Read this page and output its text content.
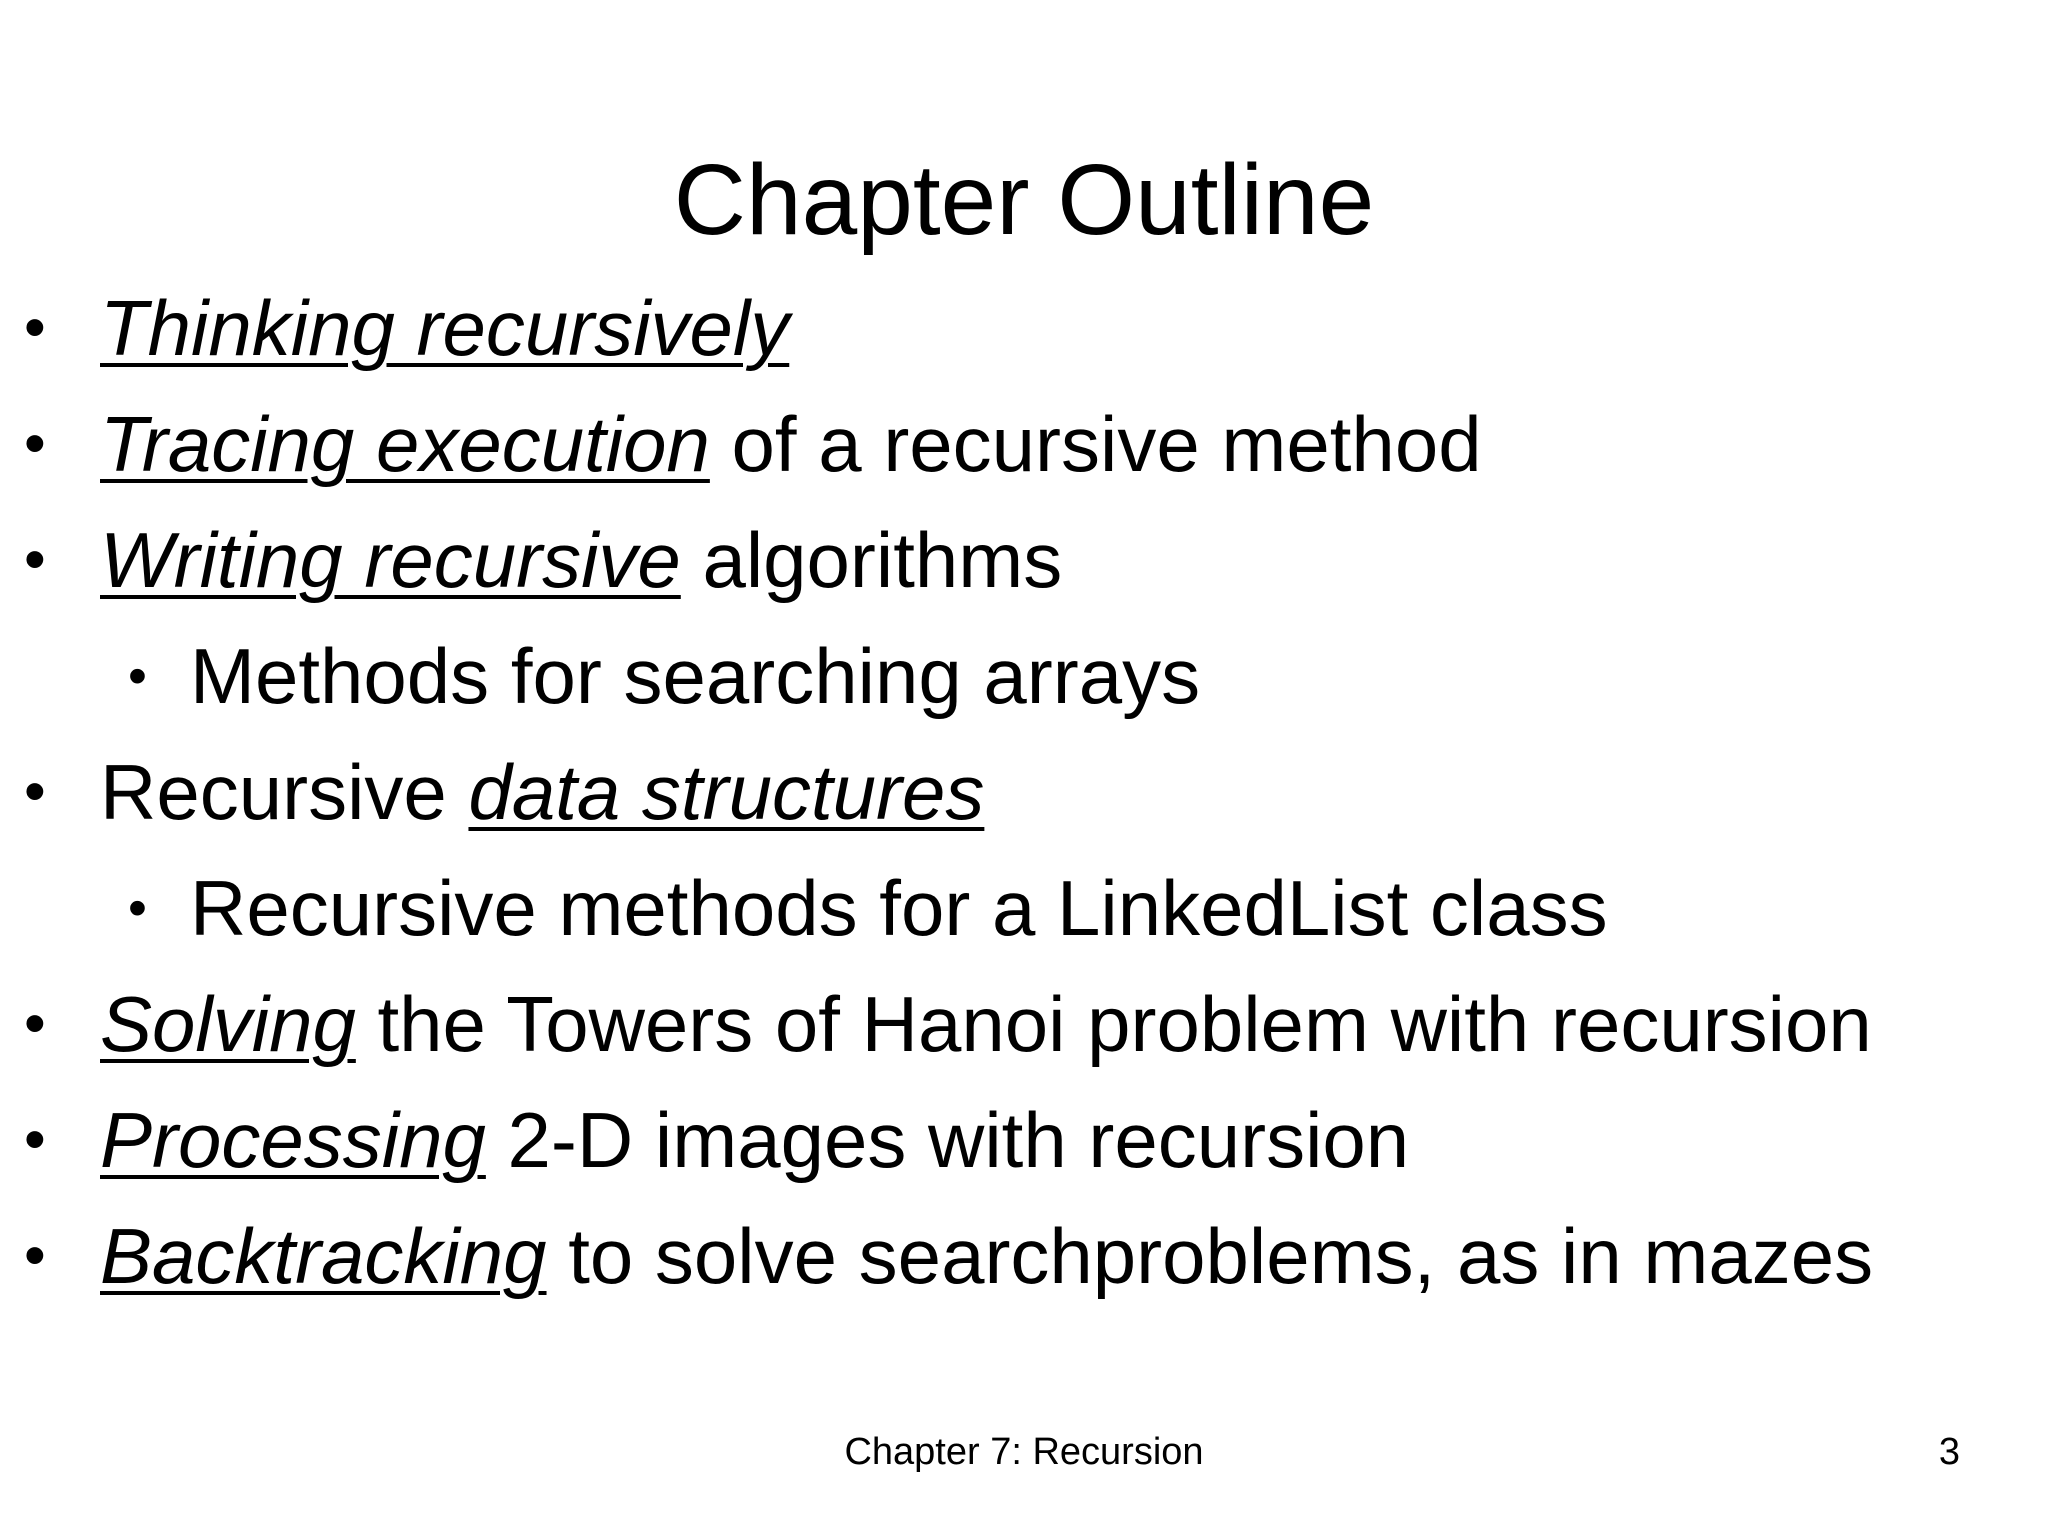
Chapter Outline
• Thinking recursively
• Tracing execution of a recursive method
• Writing recursive algorithms
• Methods for searching arrays
• Recursive data structures
• Recursive methods for a LinkedList class
• Solving the Towers of Hanoi problem with recursion
• Processing 2-D images with recursion
• Backtracking to solve searchproblems, as in mazes
Chapter 7: Recursion	3
